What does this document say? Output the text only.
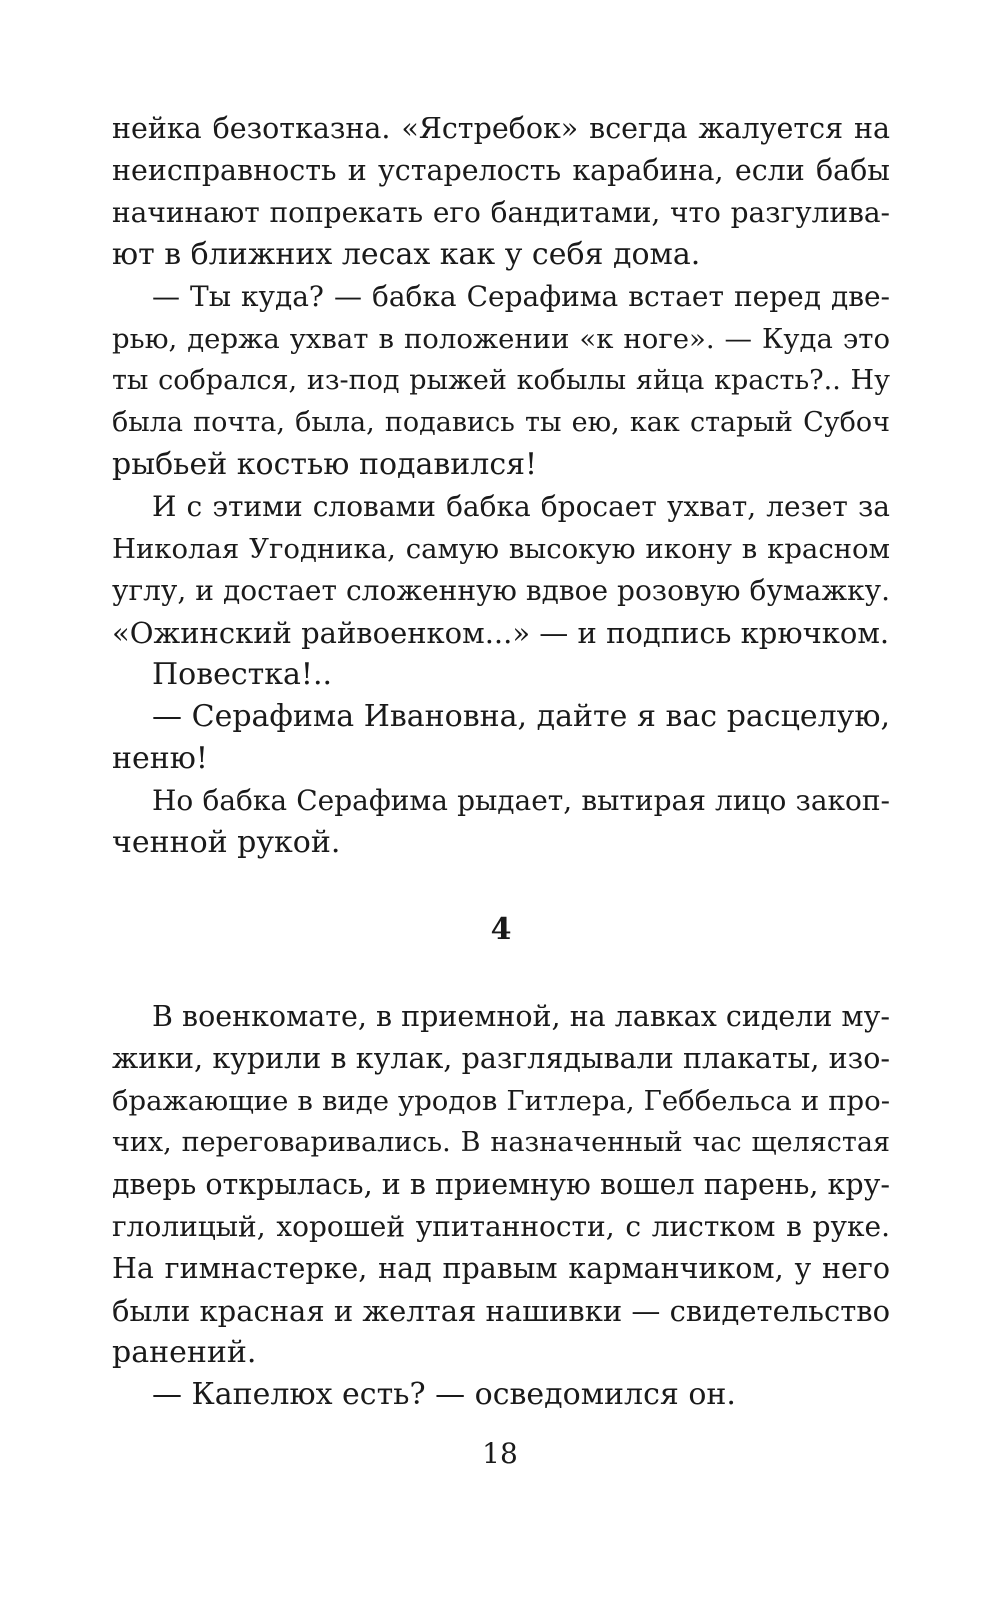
нейка безотказна. «Ястребок» всегда жалуется на
неисправность и устарелость карабина, если бабы
начинают попрекать его бандитами, что разгулива-
ют в ближних лесах как у себя дома.
— Ты куда? — бабка Серафима встает перед две-
рью, держа ухват в положении «к ноге». — Куда это
ты собрался, из-под рыжей кобылы яйца красть?.. Ну
была почта, была, подавись ты ею, как старый Субоч
рыбьей костью подавился!
И с этими словами бабка бросает ухват, лезет за
Николая Угодника, самую высокую икону в красном
углу, и достает сложенную вдвое розовую бумажку.
«Ожинский райвоенком...» — и подпись крючком.
Повестка!..
— Серафима Ивановна, дайте я вас расцелую,
неню!
Но бабка Серафима рыдает, вытирая лицо закоп-
ченной рукой.
4
В военкомате, в приемной, на лавках сидели му-
жики, курили в кулак, разглядывали плакаты, изо-
бражающие в виде уродов Гитлера, Геббельса и про-
чих, переговаривались. В назначенный час щелястая
дверь открылась, и в приемную вошел парень, кру-
глолицый, хорошей упитанности, с листком в руке.
На гимнастерке, над правым карманчиком, у него
были красная и желтая нашивки — свидетельство
ранений.
— Капелюх есть? — осведомился он.
18
